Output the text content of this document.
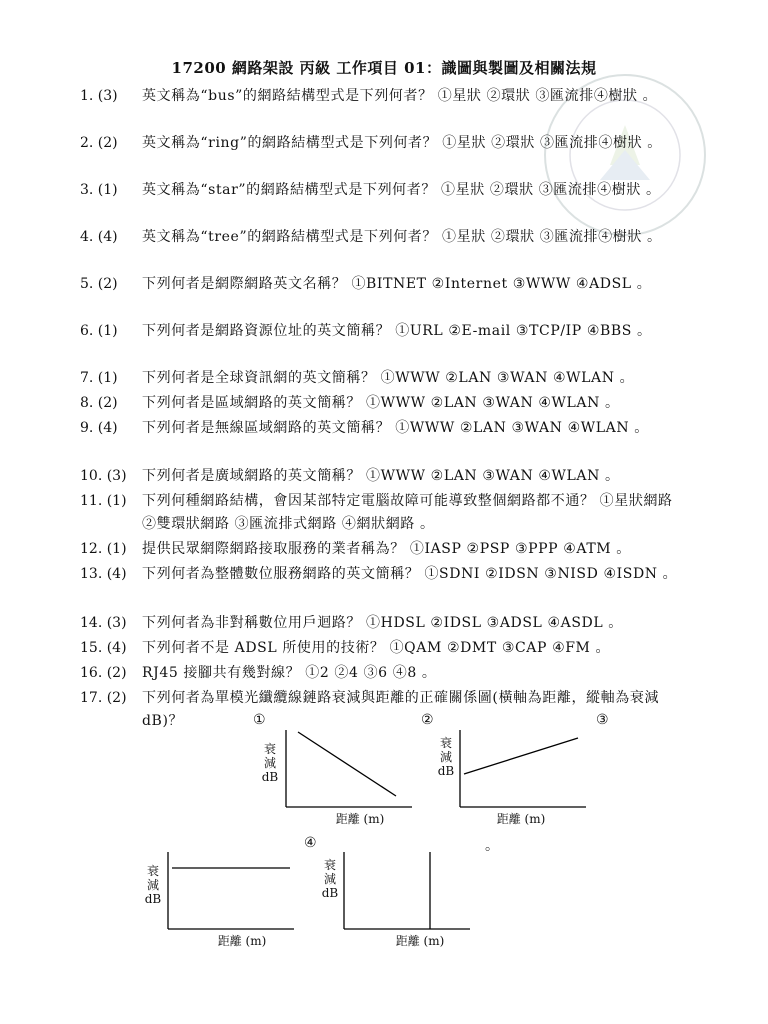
17200 網路架設 丙級 工作項目 01：識圖與製圖及相關法規
1. (3)	英文稱為“bus”的網路結構型式是下列何者？ ①星狀 ②環狀 ③匯流排④樹狀 。
2. (2)	英文稱為“ring”的網路結構型式是下列何者？ ①星狀 ②環狀 ③匯流排④樹狀 。
3. (1)	英文稱為“star”的網路結構型式是下列何者？ ①星狀 ②環狀 ③匯流排④樹狀 。
4. (4)	英文稱為“tree”的網路結構型式是下列何者？ ①星狀 ②環狀 ③匯流排④樹狀 。
5. (2)	下列何者是網際網路英文名稱？ ①BITNET ②Internet ③WWW ④ADSL 。
6. (1)	下列何者是網路資源位址的英文簡稱？ ①URL ②E-mail ③TCP/IP ④BBS 。
7. (1)	下列何者是全球資訊網的英文簡稱？ ①WWW ②LAN ③WAN ④WLAN 。
8. (2)	下列何者是區域網路的英文簡稱？ ①WWW ②LAN ③WAN ④WLAN 。
9. (4)	下列何者是無線區域網路的英文簡稱？ ①WWW ②LAN ③WAN ④WLAN 。
10. (3)	下列何者是廣域網路的英文簡稱？ ①WWW ②LAN ③WAN ④WLAN 。
11. (1)	下列何種網路結構，會因某部特定電腦故障可能導致整個網路都不通？ ①星狀網路 ②雙環狀網路 ③匯流排式網路 ④網狀網路 。
12. (1)	提供民眾網際網路接取服務的業者稱為？ ①IASP ②PSP ③PPP ④ATM 。
13. (4)	下列何者為整體數位服務網路的英文簡稱？ ①SDNI ②IDSN ③NISD ④ISDN 。
14. (3)	下列何者為非對稱數位用戶迴路？ ①HDSL ②IDSL ③ADSL ④ASDL 。
15. (4)	下列何者不是 ADSL 所使用的技術？ ①QAM ②DMT ③CAP ④FM 。
16. (2)	RJ45 接腳共有幾對線？ ①2 ②4 ③6 ④8 。
17. (2)	下列何者為單模光纖纜線鏈路衰減與距離的正確關係圖(橫軸為距離，縱軸為衰減 dB)？	①	②	③
④	。
衰
減
dB
距離 (m)
衰
減
dB
距離 (m)
衰
減
dB
距離 (m)
衰
減
dB
距離 (m)
